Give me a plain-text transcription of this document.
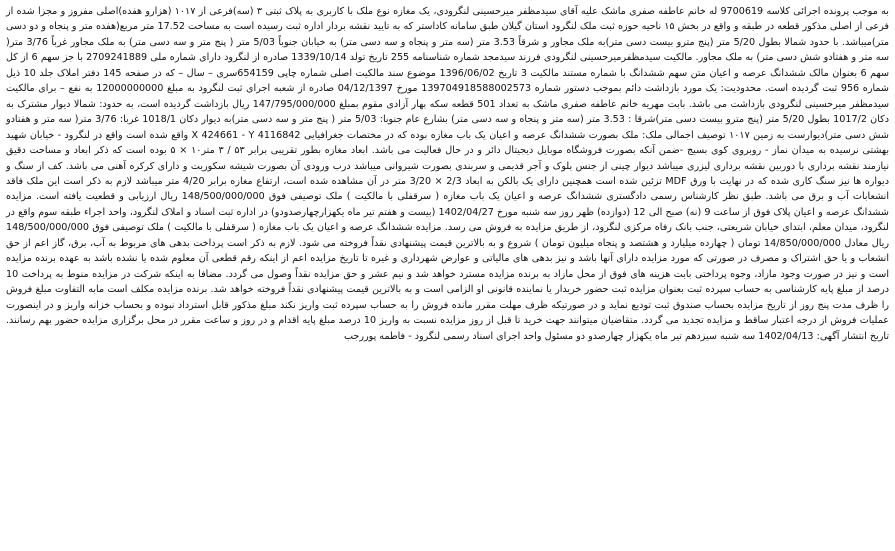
به موجب پرونده اجرائی کلاسه 9700619 له خانم عاطفه صفری ماشک علیه آقای سیدمظفر میرحسینی لنگرودی، یک مغازه نوع ملک با کاربری به پلاک ثبتی ۳ (سه)فرعی از ۱۰۱۷ (هزارو هفده)اصلی مفروز و مجزا شده از فرعی از اصلی مذکور قطعه در طبقه و واقع در بخش ۱۵ ناحیه حوزه ثبت ملک لنگرود استان گیلان طبق سامانه کاداستر که به تایید نقشه بردار اداره ثبت رسیده است به مساحت 17.52 متر مربع(هفده متر و پنجاه و دو دسی متر)میباشد. با حدود شمالا بطول 5/20 متر (پنج مترو بیست دسی متر)به ملک مجاور و شرقاً 3.53 متر (سه متر و پنجاه و سه دسی متر) به خیابان جنوباً 5/03 متر ( پنج متر و سه دسی متر) به ملک مجاور غرباً 3/76 متر( سه متر و هفتادو شش دسی متر) به ملک مجاور. مالکیت سیدمظفرمیرحسینی لنگرودی فرزند سیدمجد شماره شناسنامه 255 تاریخ تولد 1339/10/14 صادره از لنگرود دارای شماره ملی 2709241889 با جز سهم 6 از کل سهم 6 بعنوان مالک ششدانگ عرصه و اعیان متن سهم ششدانگ با شماره مستند مالکیت 3 تاریخ 1396/06/02 موضوع سند مالکیت اصلی شماره چاپی 654159سری – سال – که در صفحه 145 دفتر املاک جلد 10 ذیل شماره 956 ثبت گردیده است. محدودیت: یک مورد بازداشت دائم بموجب دستور شماره 139704918588002573 مورخ 04/12/1397 صادره از شعبه اجرای ثبت لنگرود به مبلغ 12000000000 به نفع – برای مالکیت سیدمظفر میرحسینی لنگرودی بازداشت می باشد. بابت مهریه خانم عاطفه صفری ماشک به تعداد 501 قطعه سکه بهار آزادی مقوم بمبلغ 147/795/000/000 ریال بازداشت گردیده است، به حدود: شمالا دیوار مشترک به دکان 1017/2 بطول 5/20 متر (پنج مترو بیست دسی متر)شرقا : 3.53 متر (سه متر و پنجاه و سه دسی متر) بشارع عام جنوبا: 5/03 متر ( پنج متر و سه دسی متر)به دیوار دکان 1018/1 غربا: 3/76 متر( سه متر و هفتادو شش دسی متر)دیوارست به زمین ۱۰۱۷ توصیف اجمالی ملک: ملک بصورت ششدانگ عرصه و اعیان یک باب مغازه بوده که در مختصات جغرافیایی X 424661 - Y 4116842 واقع شده است واقع در لنگرود - خیابان شهید بهشتی نرسیده به میدان نماز - روبروی کوی بسیج -ضمن آنکه بصورت فروشگاه موبایل دیجیتال دائر و در حال فعالیت می باشد. ابعاد مغازه بطور تقریبی برابر ۵۳ / ۳ متر۱۰ × ۵ بوده است که ذکر ابعاد و مساحت دقیق نیازمند نقشه برداری با دوربین نقشه برداری لیزری میباشد دیوار چینی از جنس بلوک و آجر قدیمی و سربندی بصورت شیروانی میباشد درب ورودی آن بصورت شیشه سکوریت و دارای کرکره آهنی می باشد. کف از سنگ و دیواره ها نیز سنگ کاری شده که در نهایت با ورق MDF تزئین شده است همچنین دارای یک بالکن به ابعاد 2/3 × 3/20 متر در آن مشاهده شده است، ارتفاع مغازه برابر 4/20 متر میباشد لازم به ذکر است این ملک فاقد انشعابات آب و برق می باشد. طبق نظر کارشناس رسمی دادگستری ششدانگ عرصه و اعیان یک باب مغازه ( سرقفلی با مالکیت ) ملک توصیفی فوق 148/500/000/000 ریال ارزیابی و قطعیت یافته است. مزایده ششدانگ عرصه و اعیان پلاک فوق از ساعت 9 (نه) صبح الی 12 (دوازده) ظهر روز سه شنبه مورخ 1402/04/27 (بیست و هفتم تیر ماه یکهزارچهارصدودو) در اداره ثبت اسناد و املاک لنگرود، واحد اجراء طبقه سوم واقع در لنگرود، میدان معلم، ابتدای خیابان شریعتی، جنب بانک رفاه مرکزی لنگرود، از طریق مزایده به فروش می رسد. مزایده ششدانگ عرصه و اعیان یک باب مغازه ( سرقفلی با مالکیت ) ملک توصیفی فوق 148/500/000/000 ریال معادل 14/850/000/000 تومان ( چهارده میلیارد و هشتصد و پنجاه میلیون تومان ) شروع و به بالاترین قیمت پیشنهادی نقداً فروخته می شود. لازم به ذکر است پرداخت بدهی های مربوط به آب، برق، گاز اعم از حق انشعاب و یا حق اشتراک و مصرف در صورتی که مورد مزایده دارای آنها باشد و نیز بدهی های مالیاتی و عوارض شهرداری و غیره تا تاریخ مزایده اعم از اینکه رقم قطعی آن معلوم شده یا نشده باشد به عهده برنده مزایده است و نیز در صورت وجود مازاد، وجوه پرداختی بابت هزینه های فوق از محل مازاد به برنده مزایده مسترد خواهد شد و نیم عشر و حق مزایده نقداً وصول می گردد. مضافا به اینکه شرکت در مزایده منوط به پرداخت 10 درصد از مبلغ پایه کارشناسی به حساب سپرده ثبت بعنوان مزایده ثبت حضور خریدار یا نماینده قانونی او الزامی است و به بالاترین قیمت پیشنهادی نقداً فروخته خواهد شد. برنده مزایده مکلف است مابه التفاوت مبلغ فروش را ظرف مدت پنج روز از تاریخ مزایده بحساب صندوق ثبت تودیع نماید و در صورتیکه ظرف مهلت مقرر مانده فروش را به حساب سپرده ثبت واریز نکند مبلغ مذکور قابل استرداد نبوده و بحساب خزانه واریز و در اینصورت عملیات فروش از درجه اعتبار ساقط و مزایده تجدید می گردد. متقاضیان میتوانند جهت خرید تا قبل از روز مزایده نسبت به واریز 10 درصد مبلغ پایه اقدام و در روز و ساعت مقرر در محل برگزاری مزایده حضور بهم رسانند. تاریخ انتشار آگهی: 1402/04/13 سه شنبه سیزدهم تیر ماه یکهزار چهارصدو دو مسئول واحد اجرای اسناد رسمی لنگرود - فاطمه پوررجب
